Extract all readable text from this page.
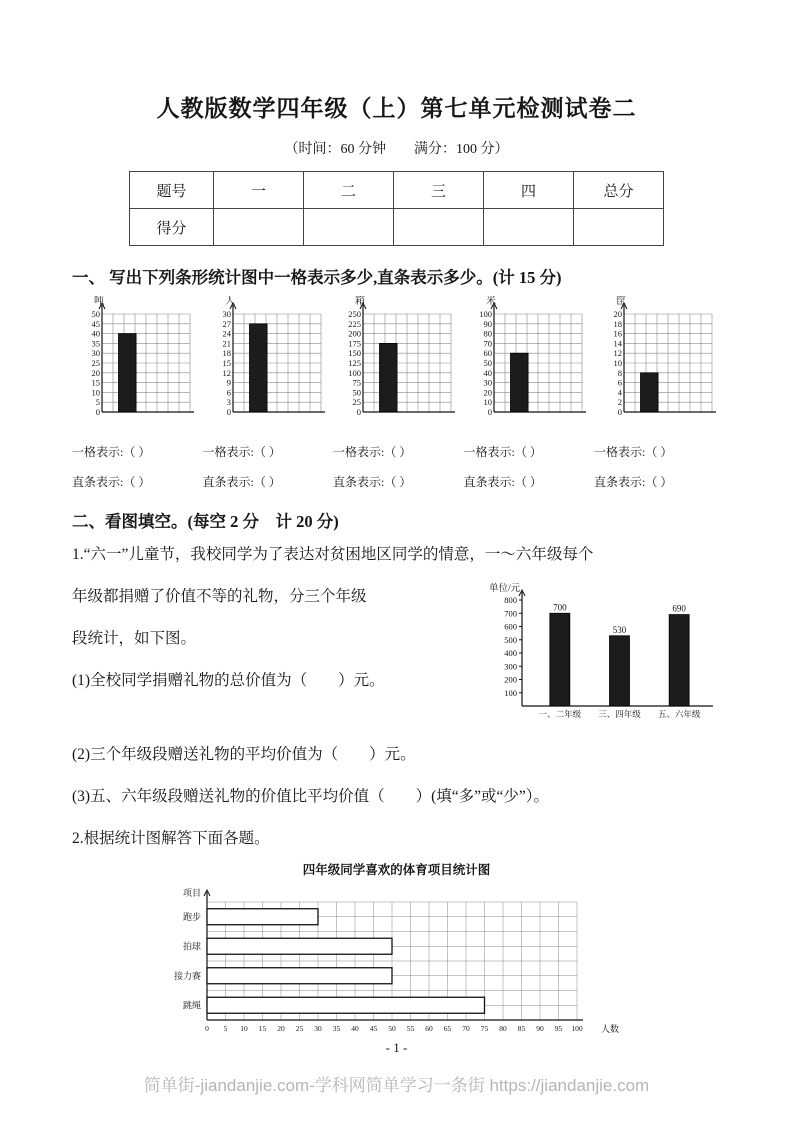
人教版数学四年级（上）第七单元检测试卷二
（时间：60 分钟　　满分：100 分）
题号	一	二	三	四	总分
得分					
一、 写出下列条形统计图中一格表示多少,直条表示多少。(计 15 分)
吨
5
10
15
20
25
30
35
40
45
50
0
一格表示:（ ）
直条表示:（ ）
人
3
6
9
12
15
18
21
24
27
30
0
一格表示:（ ）
直条表示:（ ）
箱
25
50
75
100
125
150
175
200
225
250
0
一格表示:（ ）
直条表示:（ ）
米
10
20
30
40
50
60
70
80
90
100
0
一格表示:（ ）
直条表示:（ ）
筐
2
4
6
8
10
12
14
16
18
20
0
一格表示:（ ）
直条表示:（ ）
二、看图填空。(每空 2 分　计 20 分)

1.“六一”儿童节，我校同学为了表达对贫困地区同学的情意，一～六年级每个

单位/元
100
200
300
400
500
600
700
800
700
一、二年级
530
三、四年级
690
五、六年级

年级都捐赠了价值不等的礼物，分三个年级

段统计，如下图。

(1)全校同学捐赠礼物的总价值为（　　）元。

(2)三个年级段赠送礼物的平均价值为（　　）元。

(3)五、六年级段赠送礼物的价值比平均价值（　　）(填“多”或“少”）。

2.根据统计图解答下面各题。

四年级同学喜欢的体育项目统计图
项目
0 5 10 15 20 25 30 35 40 45 50 55 60 65 70 75 80 85 90 95 100 人数
跑步
拍球
接力赛
跳绳
- 1 -
简单街-jiandanjie.com-学科网简单学习一条街 https://jiandanjie.com
